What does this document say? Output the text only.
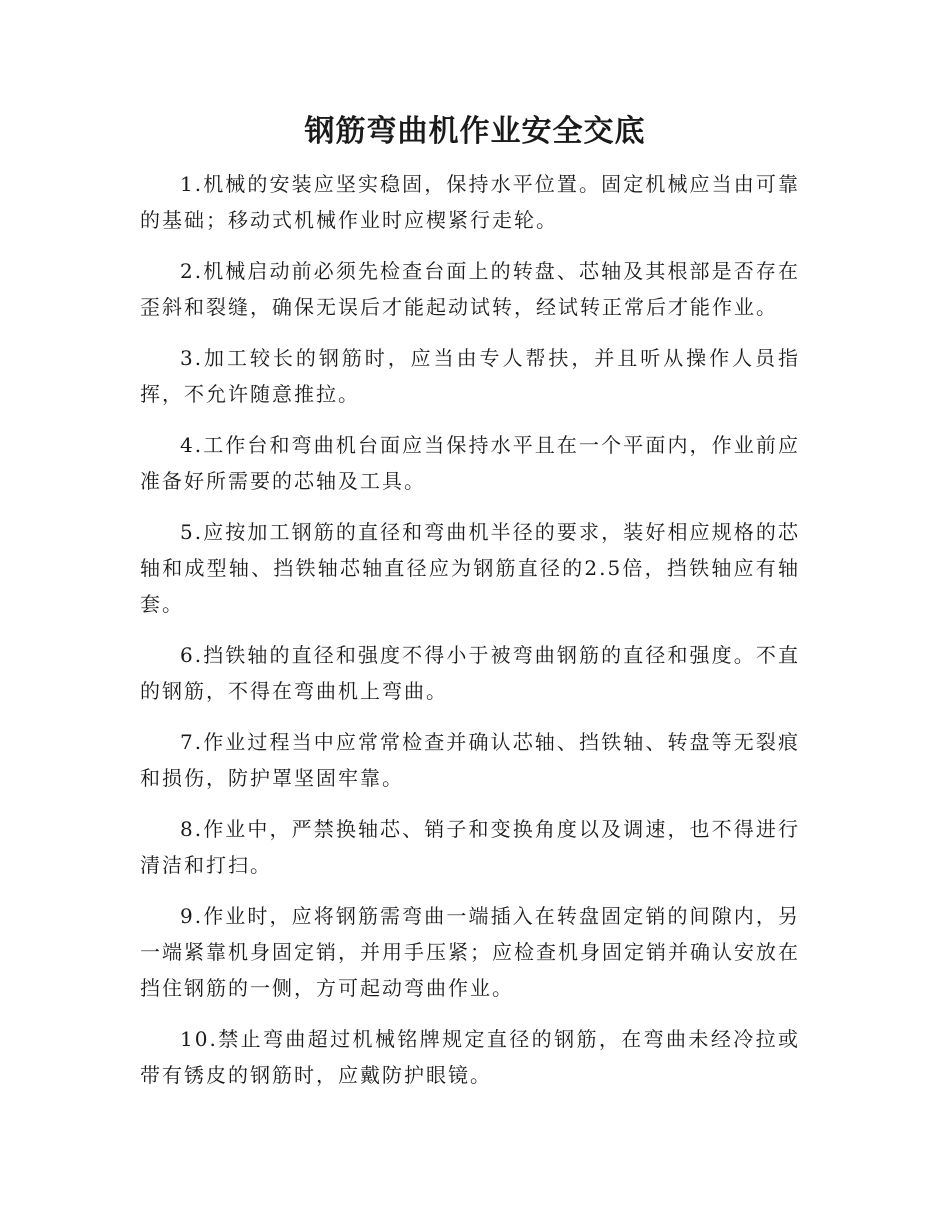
钢筋弯曲机作业安全交底

1.机械的安装应坚实稳固，保持水平位置。固定机械应当由可靠的基础；移动式机械作业时应楔紧行走轮。

2.机械启动前必须先检查台面上的转盘、芯轴及其根部是否存在歪斜和裂缝，确保无误后才能起动试转，经试转正常后才能作业。

3.加工较长的钢筋时，应当由专人帮扶，并且听从操作人员指挥，不允许随意推拉。

4.工作台和弯曲机台面应当保持水平且在一个平面内，作业前应准备好所需要的芯轴及工具。

5.应按加工钢筋的直径和弯曲机半径的要求，装好相应规格的芯轴和成型轴、挡铁轴芯轴直径应为钢筋直径的2.5倍，挡铁轴应有轴套。

6.挡铁轴的直径和强度不得小于被弯曲钢筋的直径和强度。不直的钢筋，不得在弯曲机上弯曲。

7.作业过程当中应常常检查并确认芯轴、挡铁轴、转盘等无裂痕和损伤，防护罩坚固牢靠。

8.作业中，严禁换轴芯、销子和变换角度以及调速，也不得进行清洁和打扫。

9.作业时，应将钢筋需弯曲一端插入在转盘固定销的间隙内，另一端紧靠机身固定销，并用手压紧；应检查机身固定销并确认安放在挡住钢筋的一侧，方可起动弯曲作业。

10.禁止弯曲超过机械铭牌规定直径的钢筋，在弯曲未经冷拉或带有锈皮的钢筋时，应戴防护眼镜。
